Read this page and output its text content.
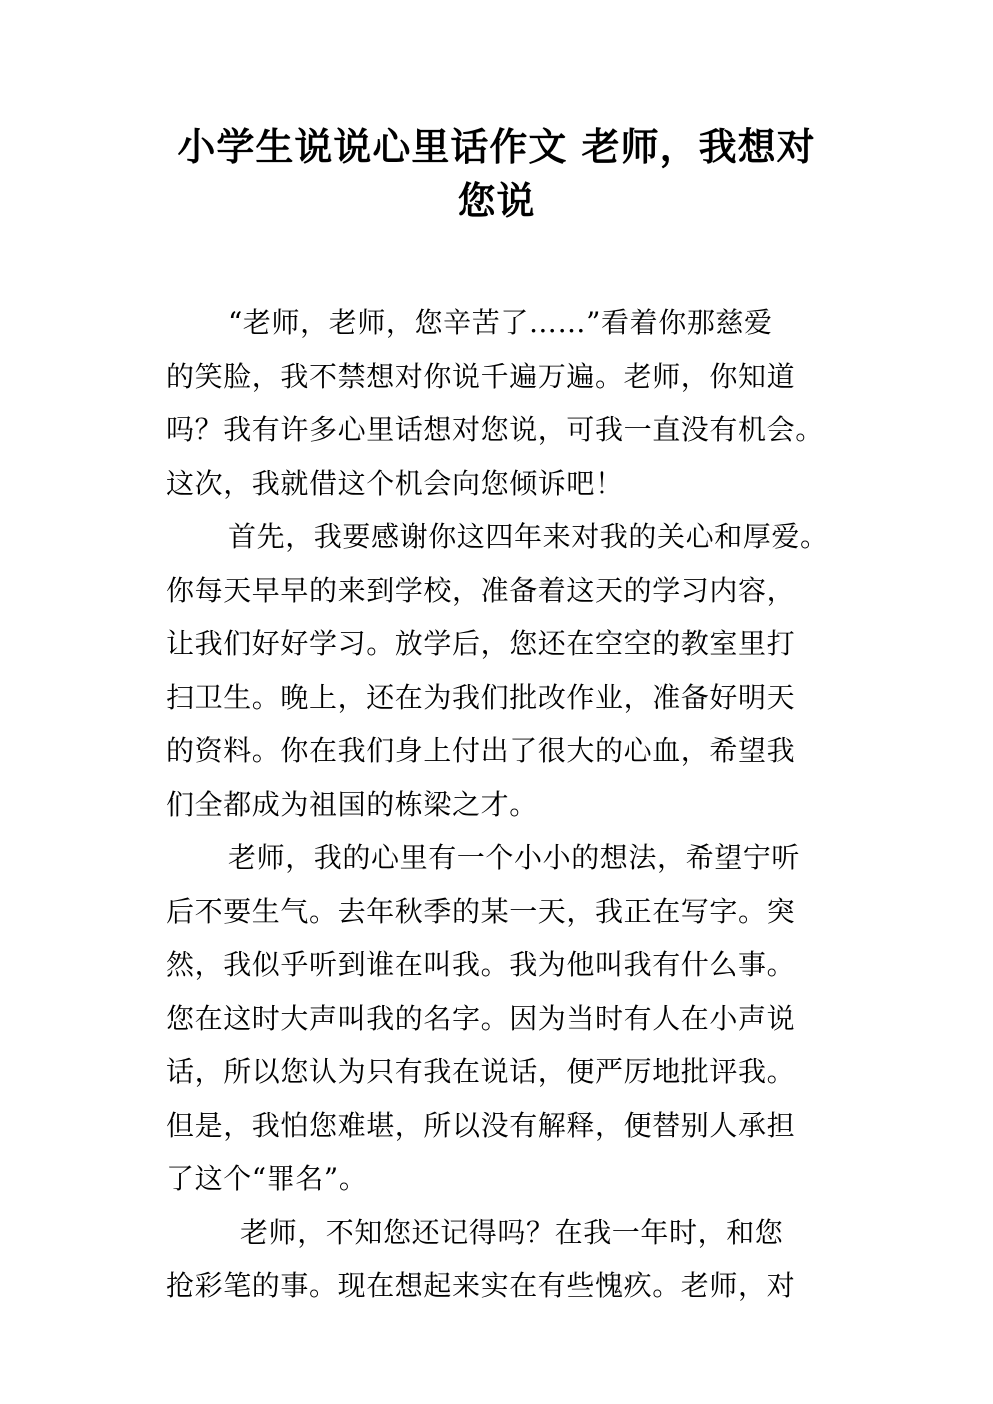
小学生说说心里话作文 老师，我想对
您说

“老师，老师，您辛苦了……”看着你那慈爱
的笑脸，我不禁想对你说千遍万遍。老师，你知道
吗？我有许多心里话想对您说，可我一直没有机会。
这次，我就借这个机会向您倾诉吧！

首先，我要感谢你这四年来对我的关心和厚爱。
你每天早早的来到学校，准备着这天的学习内容，
让我们好好学习。放学后，您还在空空的教室里打
扫卫生。晚上，还在为我们批改作业，准备好明天
的资料。你在我们身上付出了很大的心血，希望我
们全都成为祖国的栋梁之才。

老师，我的心里有一个小小的想法，希望宁听
后不要生气。去年秋季的某一天，我正在写字。突
然，我似乎听到谁在叫我。我为他叫我有什么事。
您在这时大声叫我的名字。因为当时有人在小声说
话，所以您认为只有我在说话，便严厉地批评我。
但是，我怕您难堪，所以没有解释，便替别人承担
了这个“罪名”。

老师，不知您还记得吗？在我一年时，和您
抢彩笔的事。现在想起来实在有些愧疚。老师，对
